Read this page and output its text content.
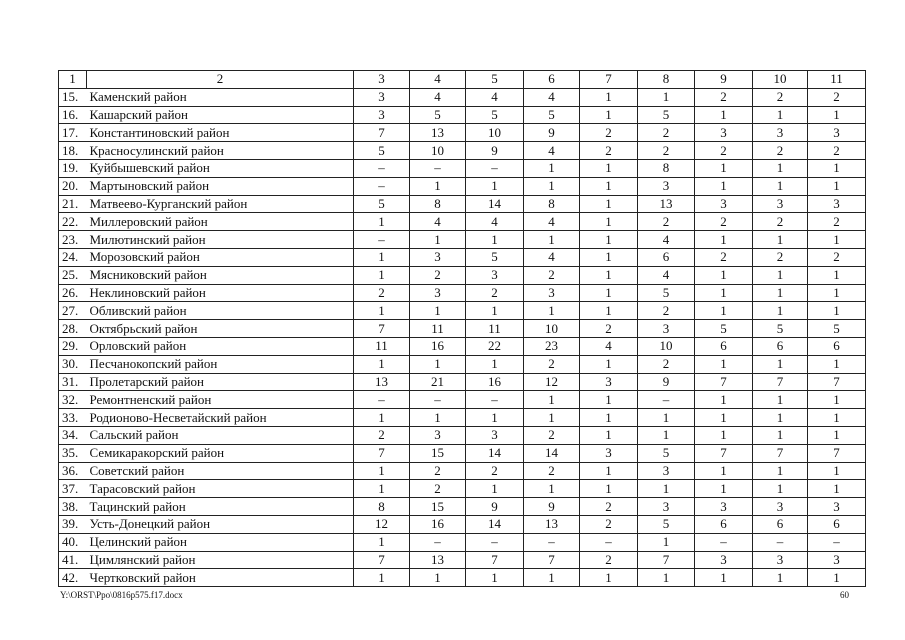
1	2	3	4	5	6	7	8	9	10	11
15.	Каменский район	3	4	4	4	1	1	2	2	2
16.	Кашарский район	3	5	5	5	1	5	1	1	1
17.	Константиновский район	7	13	10	9	2	2	3	3	3
18.	Красносулинский район	5	10	9	4	2	2	2	2	2
19.	Куйбышевский район	–	–	–	1	1	8	1	1	1
20.	Мартыновский район	–	1	1	1	1	3	1	1	1
21.	Матвеево-Курганский район	5	8	14	8	1	13	3	3	3
22.	Миллеровский район	1	4	4	4	1	2	2	2	2
23.	Милютинский район	–	1	1	1	1	4	1	1	1
24.	Морозовский район	1	3	5	4	1	6	2	2	2
25.	Мясниковский район	1	2	3	2	1	4	1	1	1
26.	Неклиновский район	2	3	2	3	1	5	1	1	1
27.	Обливский район	1	1	1	1	1	2	1	1	1
28.	Октябрьский район	7	11	11	10	2	3	5	5	5
29.	Орловский район	11	16	22	23	4	10	6	6	6
30.	Песчанокопский район	1	1	1	2	1	2	1	1	1
31.	Пролетарский район	13	21	16	12	3	9	7	7	7
32.	Ремонтненский район	–	–	–	1	1	–	1	1	1
33.	Родионово-Несветайский район	1	1	1	1	1	1	1	1	1
34.	Сальский район	2	3	3	2	1	1	1	1	1
35.	Семикаракорский район	7	15	14	14	3	5	7	7	7
36.	Советский район	1	2	2	2	1	3	1	1	1
37.	Тарасовский район	1	2	1	1	1	1	1	1	1
38.	Тацинский район	8	15	9	9	2	3	3	3	3
39.	Усть-Донецкий район	12	16	14	13	2	5	6	6	6
40.	Целинский район	1	–	–	–	–	1	–	–	–
41.	Цимлянский район	7	13	7	7	2	7	3	3	3
42.	Чертковский район	1	1	1	1	1	1	1	1	1
Y:\ORST\Ppo\0816p575.f17.docx	60
